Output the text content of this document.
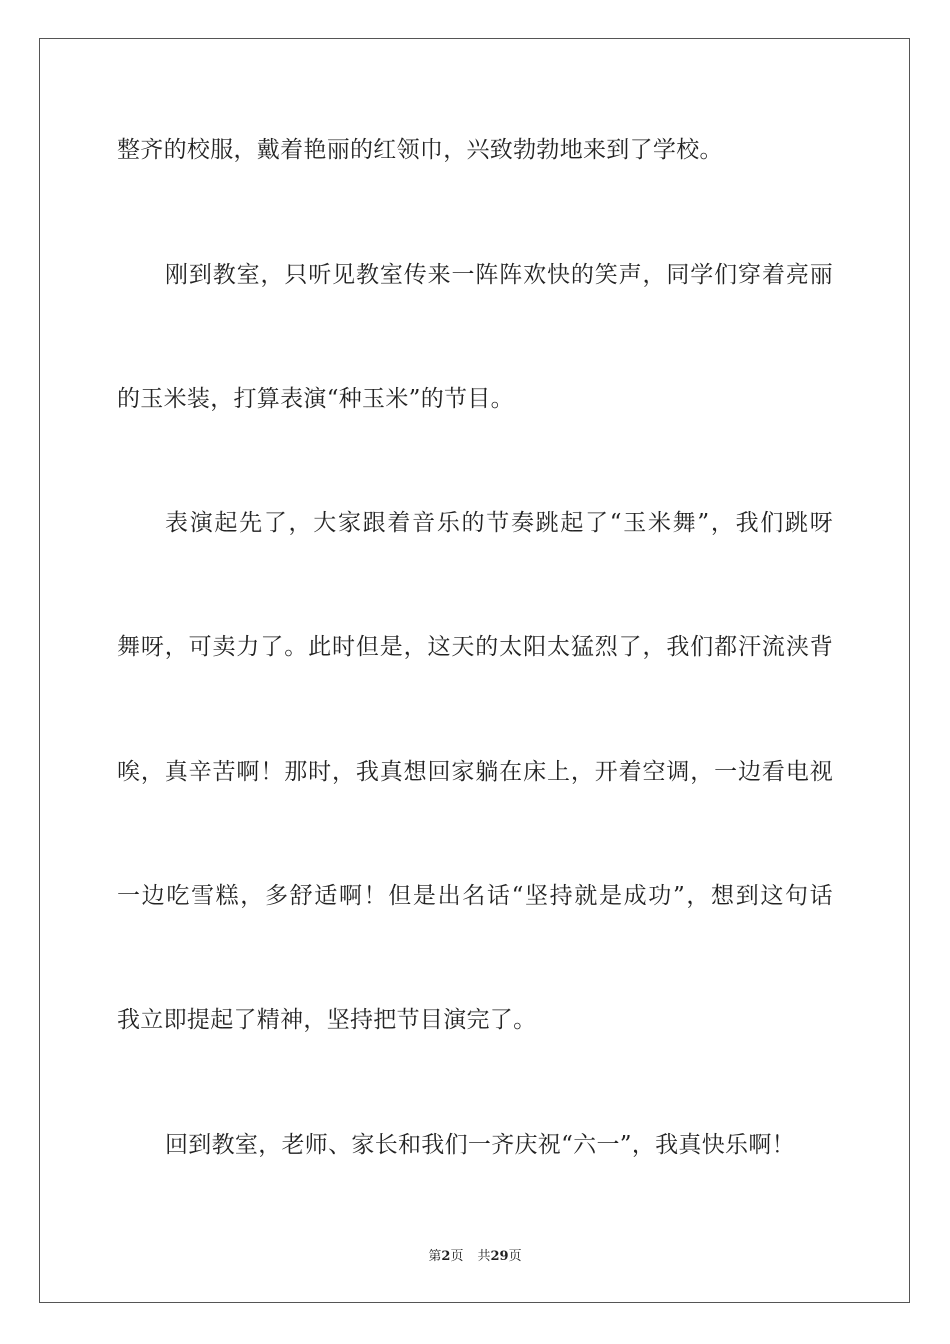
整齐的校服，戴着艳丽的红领巾，兴致勃勃地来到了学校。
刚到教室，只听见教室传来一阵阵欢快的笑声，同学们穿着亮丽
的玉米装，打算表演“种玉米”的节目。
表演起先了，大家跟着音乐的节奏跳起了“玉米舞”，我们跳呀
舞呀，可卖力了。此时但是，这天的太阳太猛烈了，我们都汗流浃背
唉，真辛苦啊！那时，我真想回家躺在床上，开着空调，一边看电视
一边吃雪糕，多舒适啊！但是出名话“坚持就是成功”，想到这句话
我立即提起了精神，坚持把节目演完了。
回到教室，老师、家长和我们一齐庆祝“六一”，我真快乐啊！
第2页 共29页
